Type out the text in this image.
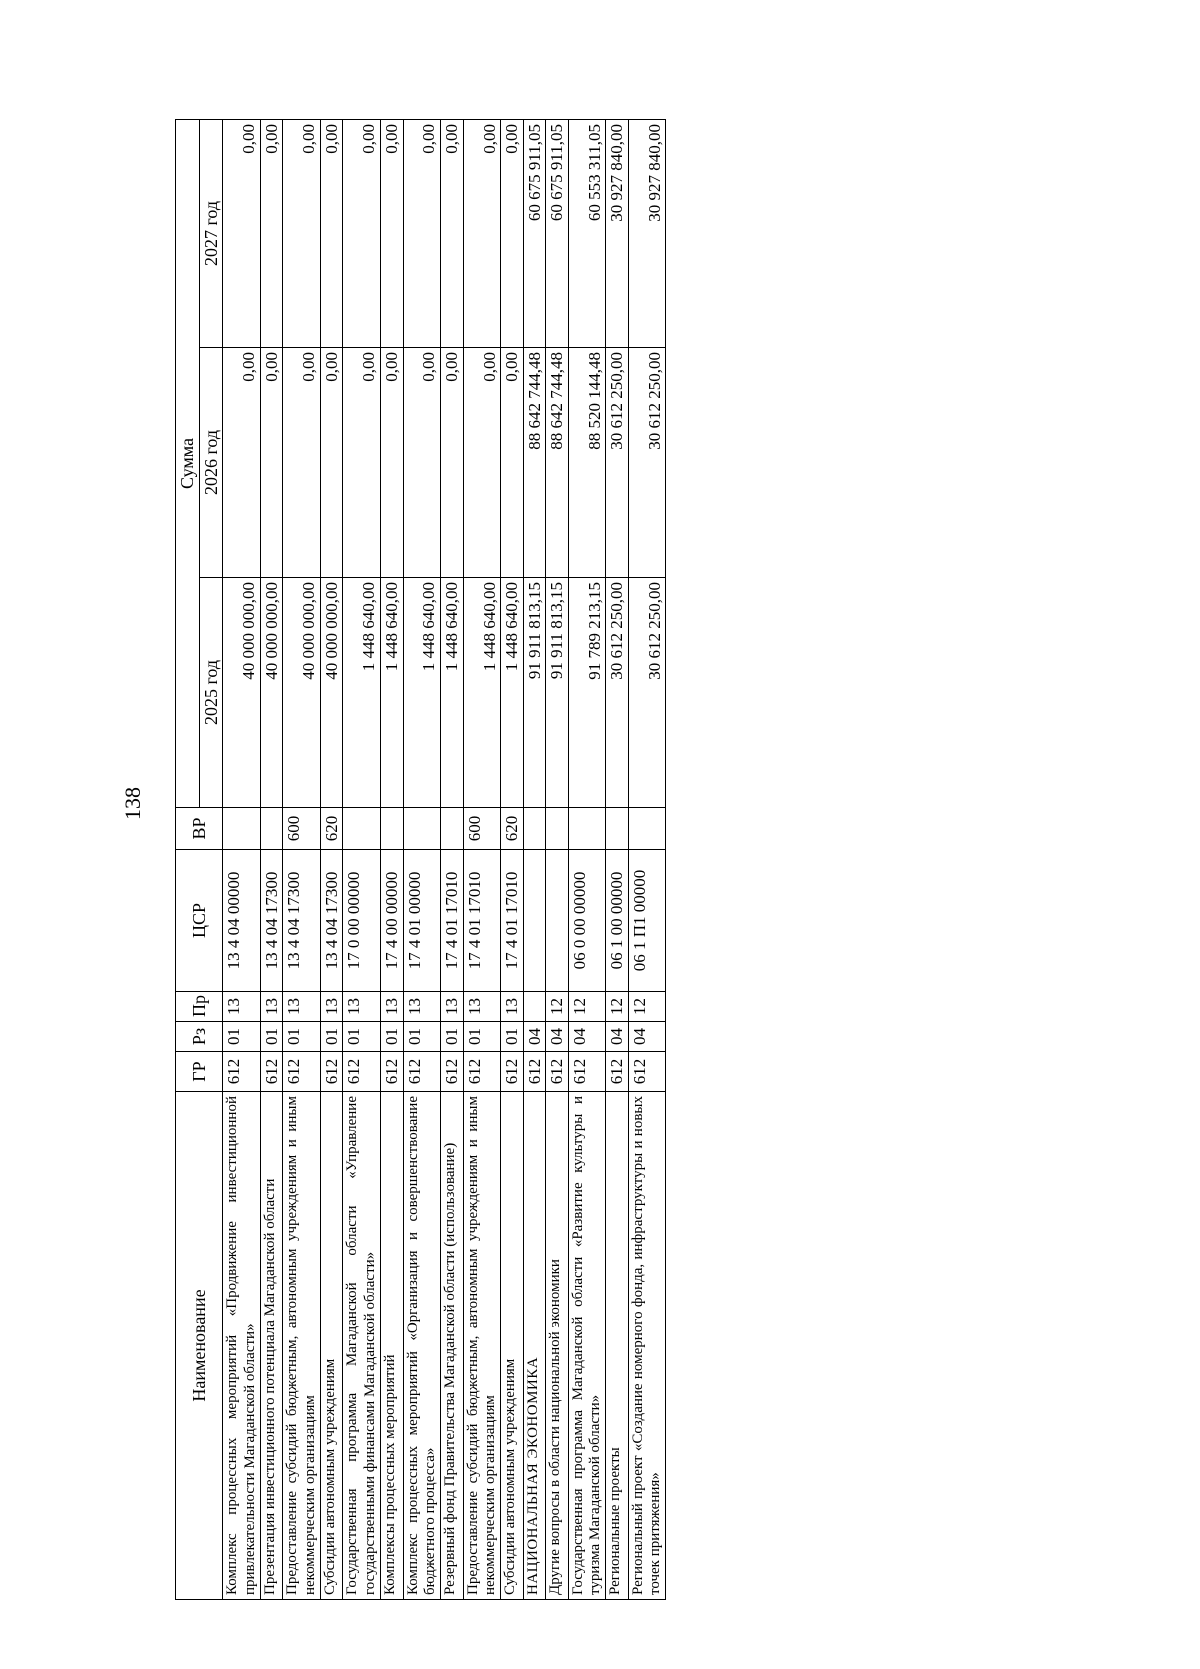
138
Наименование	ГР	Рз	Пр	ЦСР	ВР	Сумма		
						2025 год	2026 год	2027 год
Комплекс процессных мероприятий «Продвижение инвестиционной привлекательности Магаданской области»	612	01	13	13 4 04 00000		40 000 000,00	0,00	0,00
Презентация инвестиционного потенциала Магаданской области	612	01	13	13 4 04 17300		40 000 000,00	0,00	0,00
Предоставление субсидий бюджетным, автономным учреждениям и иным некоммерческим организациям	612	01	13	13 4 04 17300	600	40 000 000,00	0,00	0,00
Субсидии автономным учреждениям	612	01	13	13 4 04 17300	620	40 000 000,00	0,00	0,00
Государственная программа Магаданской области «Управление государственными финансами Магаданской области»	612	01	13	17 0 00 00000		1 448 640,00	0,00	0,00
Комплексы процессных мероприятий	612	01	13	17 4 00 00000		1 448 640,00	0,00	0,00
Комплекс процессных мероприятий «Организация и совершенствование бюджетного процесса»	612	01	13	17 4 01 00000		1 448 640,00	0,00	0,00
Резервный фонд Правительства Магаданской области (использование)	612	01	13	17 4 01 17010		1 448 640,00	0,00	0,00
Предоставление субсидий бюджетным, автономным учреждениям и иным некоммерческим организациям	612	01	13	17 4 01 17010	600	1 448 640,00	0,00	0,00
Субсидии автономным учреждениям	612	01	13	17 4 01 17010	620	1 448 640,00	0,00	0,00
НАЦИОНАЛЬНАЯ ЭКОНОМИКА	612	04				91 911 813,15	88 642 744,48	60 675 911,05
Другие вопросы в области национальной экономики	612	04	12			91 911 813,15	88 642 744,48	60 675 911,05
Государственная программа Магаданской области «Развитие культуры и туризма Магаданской области»	612	04	12	06 0 00 00000		91 789 213,15	88 520 144,48	60 553 311,05
Региональные проекты	612	04	12	06 1 00 00000		30 612 250,00	30 612 250,00	30 927 840,00
Региональный проект «Создание номерного фонда, инфраструктуры и новых точек притяжения»	612	04	12	06 1 П1 00000		30 612 250,00	30 612 250,00	30 927 840,00
